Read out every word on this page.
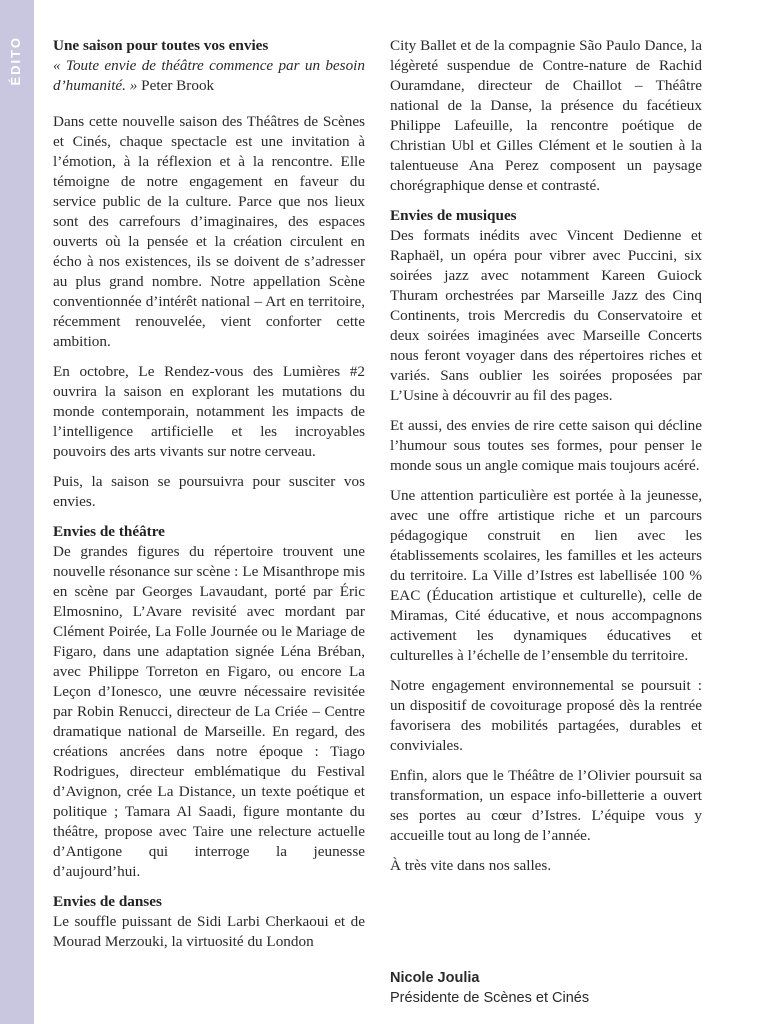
ÉDITO Une saison pour toutes vos envies

« Toute envie de théâtre commence par un besoin d’humanité. » Peter Brook

Dans cette nouvelle saison des Théâtres de Scènes et Cinés, chaque spectacle est une invitation à l’émotion, à la réflexion et à la rencontre. Elle témoigne de notre engagement en faveur du service public de la culture. Parce que nos lieux sont des carrefours d’imaginaires, des espaces ouverts où la pensée et la création circulent en écho à nos existences, ils se doivent de s’adresser au plus grand nombre. Notre appellation Scène conventionnée d’intérêt national – Art en territoire, récemment renouvelée, vient conforter cette ambition.

En octobre, Le Rendez-vous des Lumières #2 ouvrira la saison en explorant les mutations du monde contemporain, notamment les impacts de l’intelligence artificielle et les incroyables pouvoirs des arts vivants sur notre cerveau.

Puis, la saison se poursuivra pour susciter vos envies.

Envies de théâtre

De grandes figures du répertoire trouvent une nouvelle résonance sur scène : Le Misanthrope mis en scène par Georges Lavaudant, porté par Éric Elmosnino, L’Avare revisité avec mordant par Clément Poirée, La Folle Journée ou le Mariage de Figaro, dans une adaptation signée Léna Bréban, avec Philippe Torreton en Figaro, ou encore La Leçon d’Ionesco, une œuvre nécessaire revisitée par Robin Renucci, directeur de La Criée – Centre dramatique national de Marseille. En regard, des créations ancrées dans notre époque : Tiago Rodrigues, directeur emblématique du Festival d’Avignon, crée La Distance, un texte poétique et politique ; Tamara Al Saadi, figure montante du théâtre, propose avec Taire une relecture actuelle d’Antigone qui interroge la jeunesse d’aujourd’hui.

Envies de danses

Le souffle puissant de Sidi Larbi Cherkaoui et de Mourad Merzouki, la virtuosité du London

City Ballet et de la compagnie São Paulo Dance, la légèreté suspendue de Contre-nature de Rachid Ouramdane, directeur de Chaillot – Théâtre national de la Danse, la présence du facétieux Philippe Lafeuille, la rencontre poétique de Christian Ubl et Gilles Clément et le soutien à la talentueuse Ana Perez composent un paysage chorégraphique dense et contrasté.

Envies de musiques

Des formats inédits avec Vincent Dedienne et Raphaël, un opéra pour vibrer avec Puccini, six soirées jazz avec notamment Kareen Guiock Thuram orchestrées par Marseille Jazz des Cinq Continents, trois Mercredis du Conservatoire et deux soirées imaginées avec Marseille Concerts nous feront voyager dans des répertoires riches et variés. Sans oublier les soirées proposées par L’Usine à découvrir au fil des pages.

Et aussi, des envies de rire cette saison qui décline l’humour sous toutes ses formes, pour penser le monde sous un angle comique mais toujours acéré.

Une attention particulière est portée à la jeunesse, avec une offre artistique riche et un parcours pédagogique construit en lien avec les établissements scolaires, les familles et les acteurs du territoire. La Ville d’Istres est labellisée 100 % EAC (Éducation artistique et culturelle), celle de Miramas, Cité éducative, et nous accompagnons activement les dynamiques éducatives et culturelles à l’échelle de l’ensemble du territoire.

Notre engagement environnemental se poursuit : un dispositif de covoiturage proposé dès la rentrée favorisera des mobilités partagées, durables et conviviales.

Enfin, alors que le Théâtre de l’Olivier poursuit sa transformation, un espace info-billetterie a ouvert ses portes au cœur d’Istres. L’équipe vous y accueille tout au long de l’année.

À très vite dans nos salles.

Nicole Joulia
Présidente de Scènes et Cinés
